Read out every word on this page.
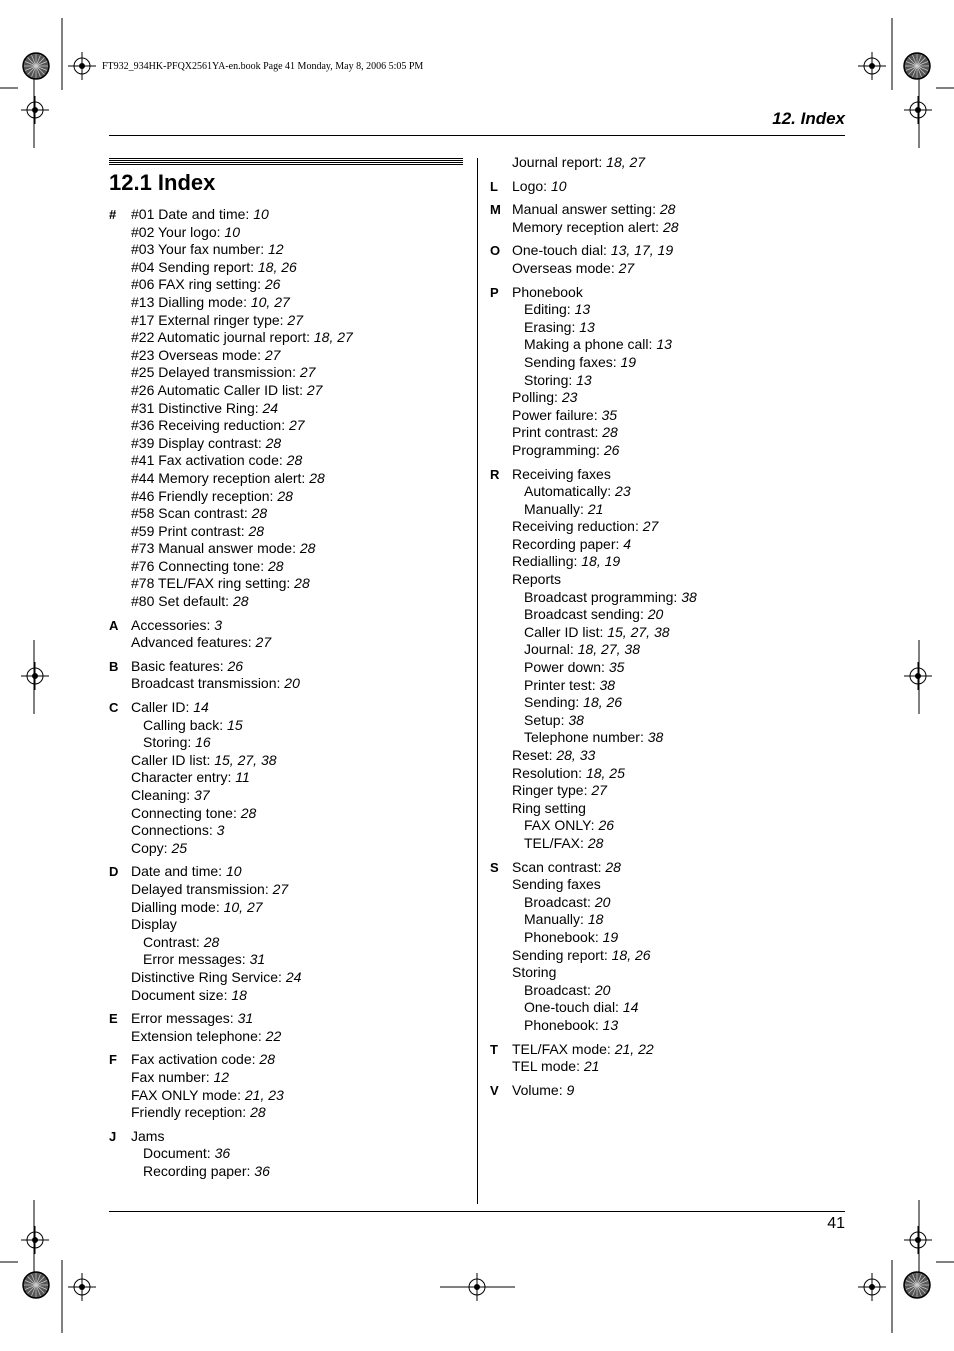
FT932_934HK-PFQX2561YA-en.book Page 41 Monday, May 8, 2006 5:05 PM
12. Index
12.1 Index
#	#01 Date and time: 10
#02 Your logo: 10
#03 Your fax number: 12
#04 Sending report: 18, 26
#06 FAX ring setting: 26
#13 Dialling mode: 10, 27
#17 External ringer type: 27
#22 Automatic journal report: 18, 27
#23 Overseas mode: 27
#25 Delayed transmission: 27
#26 Automatic Caller ID list: 27
#31 Distinctive Ring: 24
#36 Receiving reduction: 27
#39 Display contrast: 28
#41 Fax activation code: 28
#44 Memory reception alert: 28
#46 Friendly reception: 28
#58 Scan contrast: 28
#59 Print contrast: 28
#73 Manual answer mode: 28
#76 Connecting tone: 28
#78 TEL/FAX ring setting: 28
#80 Set default: 28
A Accessories: 3
Advanced features: 27
B Basic features: 26
Broadcast transmission: 20
C Caller ID: 14
Calling back: 15
Storing: 16
Caller ID list: 15, 27, 38
Character entry: 11
Cleaning: 37
Connecting tone: 28
Connections: 3
Copy: 25
D Date and time: 10
Delayed transmission: 27
Dialling mode: 10, 27
Display
Contrast: 28
Error messages: 31
Distinctive Ring Service: 24
Document size: 18
E Error messages: 31
Extension telephone: 22
F	Fax activation code: 28
Fax number: 12
FAX ONLY mode: 21, 23
Friendly reception: 28
J	Jams
Document: 36
Recording paper: 36
Journal report: 18, 27
L	Logo: 10
M Manual answer setting: 28
Memory reception alert: 28
O One-touch dial: 13, 17, 19
Overseas mode: 27
P Phonebook
Editing: 13
Erasing: 13
Making a phone call: 13
Sending faxes: 19
Storing: 13
Polling: 23
Power failure: 35
Print contrast: 28
Programming: 26
R Receiving faxes
Automatically: 23
Manually: 21
Receiving reduction: 27
Recording paper: 4
Redialling: 18, 19
Reports
Broadcast programming: 38
Broadcast sending: 20
Caller ID list: 15, 27, 38
Journal: 18, 27, 38
Power down: 35
Printer test: 38
Sending: 18, 26
Setup: 38
Telephone number: 38
Reset: 28, 33
Resolution: 18, 25
Ringer type: 27
Ring setting
FAX ONLY: 26
TEL/FAX: 28
S Scan contrast: 28
Sending faxes
Broadcast: 20
Manually: 18
Phonebook: 19
Sending report: 18, 26
Storing
Broadcast: 20
One-touch dial: 14
Phonebook: 13
T	TEL/FAX mode: 21, 22
TEL mode: 21
V Volume: 9
41
